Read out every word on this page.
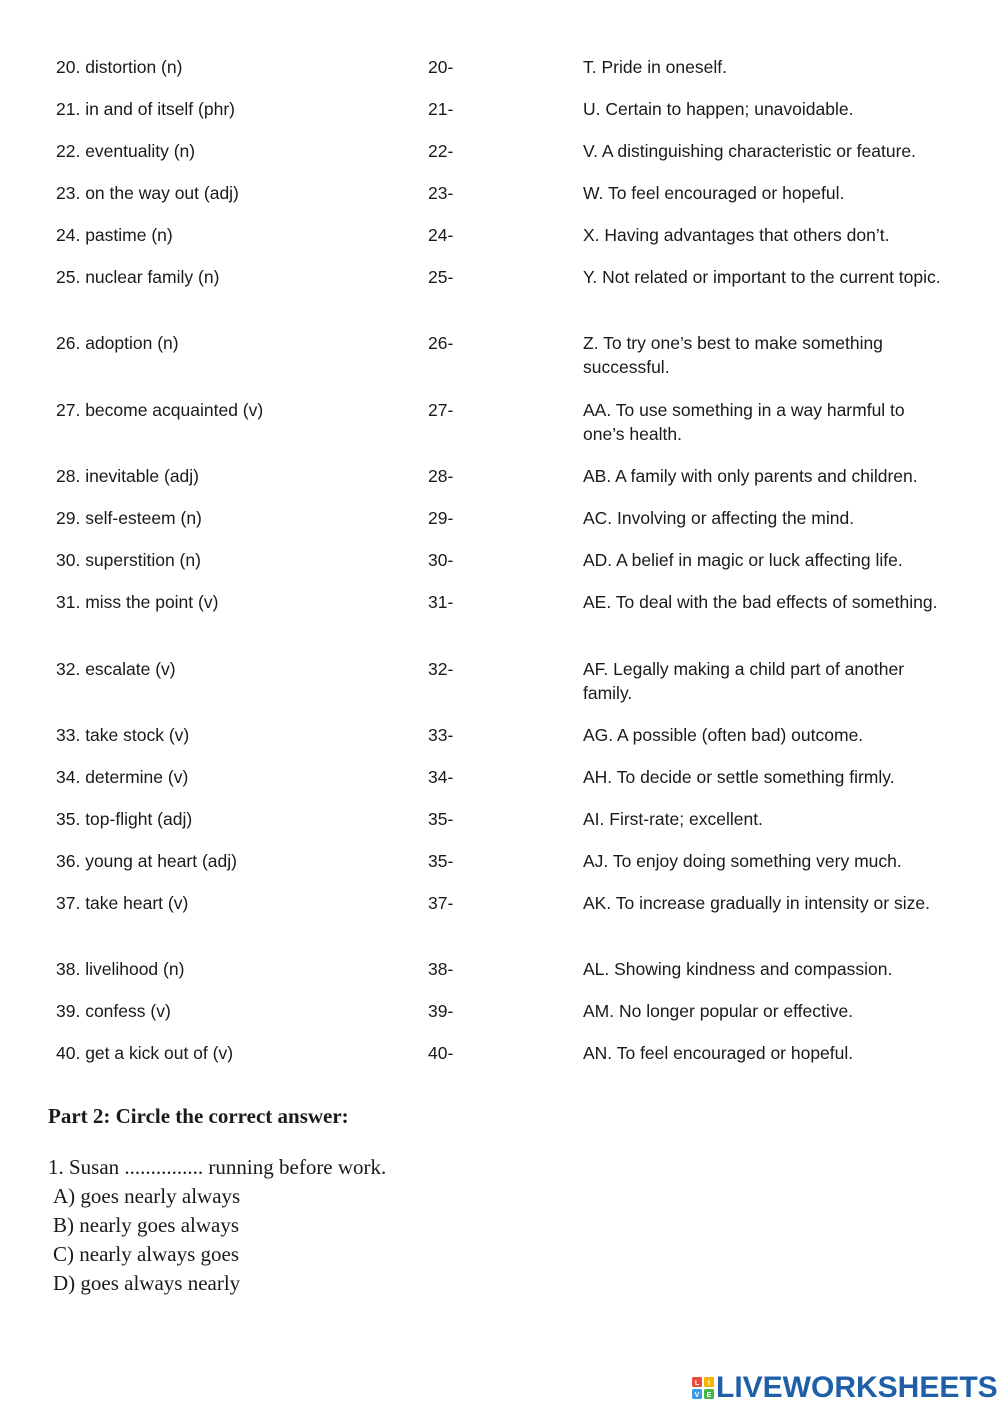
20. distortion (n)	20-	T. Pride in oneself.
21. in and of itself (phr)	21-	U. Certain to happen; unavoidable.
22. eventuality (n)	22-	V. A distinguishing characteristic or feature.
23. on the way out (adj)	23-	W. To feel encouraged or hopeful.
24. pastime (n)	24-	X. Having advantages that others don’t.
25. nuclear family (n)	25-	Y. Not related or important to the current topic.
26. adoption (n)	26-	Z. To try one’s best to make something successful.
27. become acquainted (v)	27-	AA. To use something in a way harmful to one’s health.
28. inevitable (adj)	28-	AB. A family with only parents and children.
29. self-esteem (n)	29-	AC. Involving or affecting the mind.
30. superstition (n)	30-	AD. A belief in magic or luck affecting life.
31. miss the point (v)	31-	AE. To deal with the bad effects of something.
32. escalate (v)	32-	AF. Legally making a child part of another family.
33. take stock (v)	33-	AG. A possible (often bad) outcome.
34. determine (v)	34-	AH. To decide or settle something firmly.
35. top-flight (adj)	35-	AI. First-rate; excellent.
36. young at heart (adj)	35-	AJ. To enjoy doing something very much.
37. take heart (v)	37-	AK. To increase gradually in intensity or size.
38. livelihood (n)	38-	AL. Showing kindness and compassion.
39. confess (v)	39-	AM. No longer popular or effective.
40. get a kick out of (v)	40-	AN. To feel encouraged or hopeful.
Part 2: Circle the correct answer:
1. Susan ............... running before work.
A) goes nearly always
B) nearly goes always
C) nearly always goes
D) goes always nearly
L I
V E LIVEWORKSHEETS
